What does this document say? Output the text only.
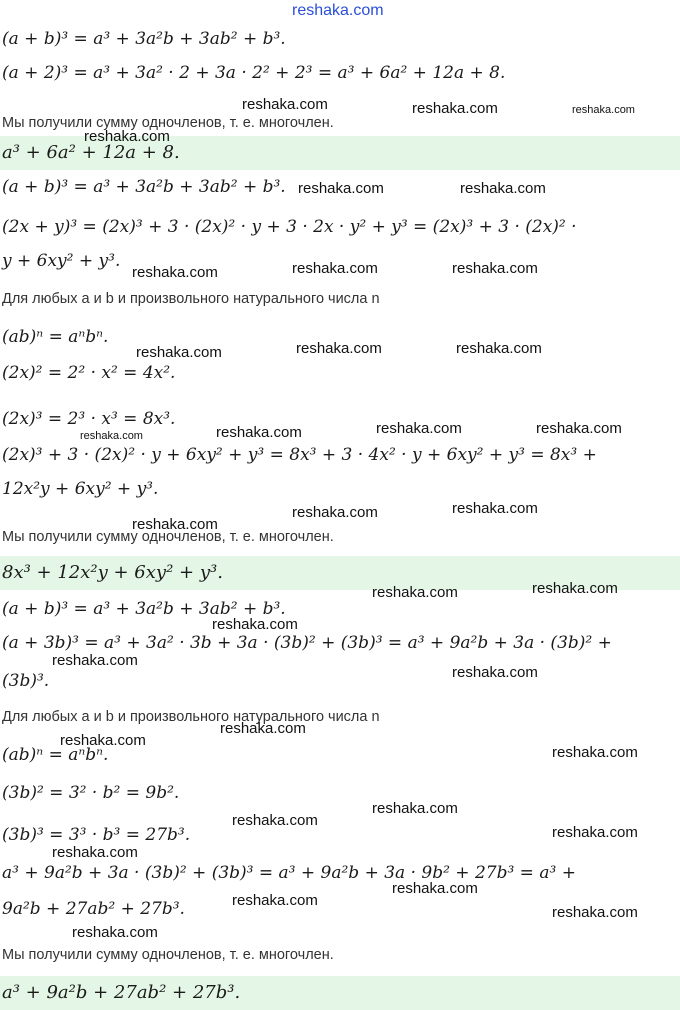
reshaka.com
(a + b)³ = a³ + 3a²b + 3ab² + b³.
(a + 2)³ = a³ + 3a² · 2 + 3a · 2² + 2³ = a³ + 6a² + 12a + 8.
Мы получили сумму одночленов, т. е. многочлен.
a³ + 6a² + 12a + 8.
(a + b)³ = a³ + 3a²b + 3ab² + b³.
(2x + y)³ = (2x)³ + 3 · (2x)² · y + 3 · 2x · y² + y³ = (2x)³ + 3 · (2x)² ·
y + 6xy² + y³.
Для любых a и b и произвольного натурального числа n
(ab)ⁿ = aⁿbⁿ.
(2x)² = 2² · x² = 4x².
(2x)³ = 2³ · x³ = 8x³.
(2x)³ + 3 · (2x)² · y + 6xy² + y³ = 8x³ + 3 · 4x² · y + 6xy² + y³ = 8x³ +
12x²y + 6xy² + y³.
Мы получили сумму одночленов, т. е. многочлен.
8x³ + 12x²y + 6xy² + y³.
(a + b)³ = a³ + 3a²b + 3ab² + b³.
(a + 3b)³ = a³ + 3a² · 3b + 3a · (3b)² + (3b)³ = a³ + 9a²b + 3a · (3b)² +
(3b)³.
Для любых a и b и произвольного натурального числа n
(ab)ⁿ = aⁿbⁿ.
(3b)² = 3² · b² = 9b².
(3b)³ = 3³ · b³ = 27b³.
a³ + 9a²b + 3a · (3b)² + (3b)³ = a³ + 9a²b + 3a · 9b² + 27b³ = a³ +
9a²b + 27ab² + 27b³.
Мы получили сумму одночленов, т. е. многочлен.
a³ + 9a²b + 27ab² + 27b³.
reshaka.com	reshaka.com	reshaka.com
reshaka.com
reshaka.com	reshaka.com
reshaka.com	reshaka.com	reshaka.com
reshaka.com	reshaka.com	reshaka.com
reshaka.com	reshaka.com	reshaka.com	reshaka.com
reshaka.com
reshaka.com	reshaka.com
reshaka.com	reshaka.com
reshaka.com
reshaka.com
reshaka.com
reshaka.com
reshaka.com
reshaka.com
reshaka.com
reshaka.com
reshaka.com
reshaka.com
reshaka.com
reshaka.com
reshaka.com
reshaka.com
